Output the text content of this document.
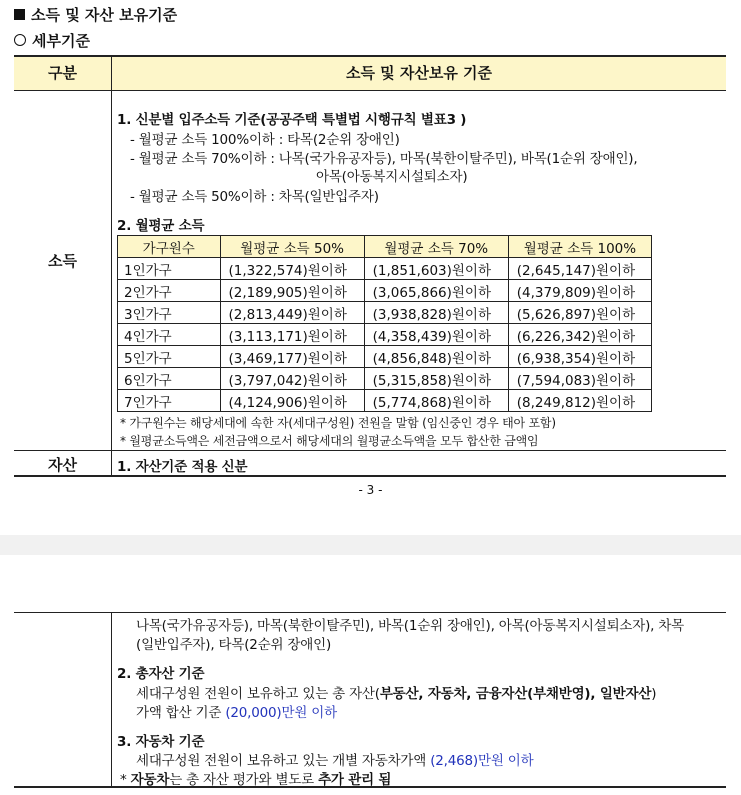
소득 및 자산 보유기준
세부기준
구분	소득 및 자산보유 기준
소득
1. 신분별 입주소득 기준(공공주택 특별법 시행규칙 별표3 )
- 월평균 소득 100%이하 : 타목(2순위 장애인)
- 월평균 소득 70%이하 : 나목(국가유공자등), 마목(북한이탈주민), 바목(1순위 장애인),
아목(아동복지시설퇴소자)
- 월평균 소득 50%이하 : 차목(일반입주자)
2. 월평균 소득
가구원수	월평균 소득 50%	월평균 소득 70%	월평균 소득 100%
1인가구	(1,322,574)원이하	(1,851,603)원이하	(2,645,147)원이하
2인가구	(2,189,905)원이하	(3,065,866)원이하	(4,379,809)원이하
3인가구	(2,813,449)원이하	(3,938,828)원이하	(5,626,897)원이하
4인가구	(3,113,171)원이하	(4,358,439)원이하	(6,226,342)원이하
5인가구	(3,469,177)원이하	(4,856,848)원이하	(6,938,354)원이하
6인가구	(3,797,042)원이하	(5,315,858)원이하	(7,594,083)원이하
7인가구	(4,124,906)원이하	(5,774,868)원이하	(8,249,812)원이하
* 가구원수는 해당세대에 속한 자(세대구성원) 전원을 말함 (임신중인 경우 태아 포함)
* 월평균소득액은 세전금액으로서 해당세대의 월평균소득액을 모두 합산한 금액임
자산	1. 자산기준 적용 신분
- 3 -
나목(국가유공자등), 마목(북한이탈주민), 바목(1순위 장애인), 아목(아동복지시설퇴소자), 차목
(일반입주자), 타목(2순위 장애인)
2. 총자산 기준
세대구성원 전원이 보유하고 있는 총 자산(부동산, 자동차, 금융자산(부채반영), 일반자산)
가액 합산 기준 (20,000)만원 이하
3. 자동차 기준
세대구성원 전원이 보유하고 있는 개별 자동차가액 (2,468)만원 이하
* 자동차는 총 자산 평가와 별도로 추가 관리 됨
